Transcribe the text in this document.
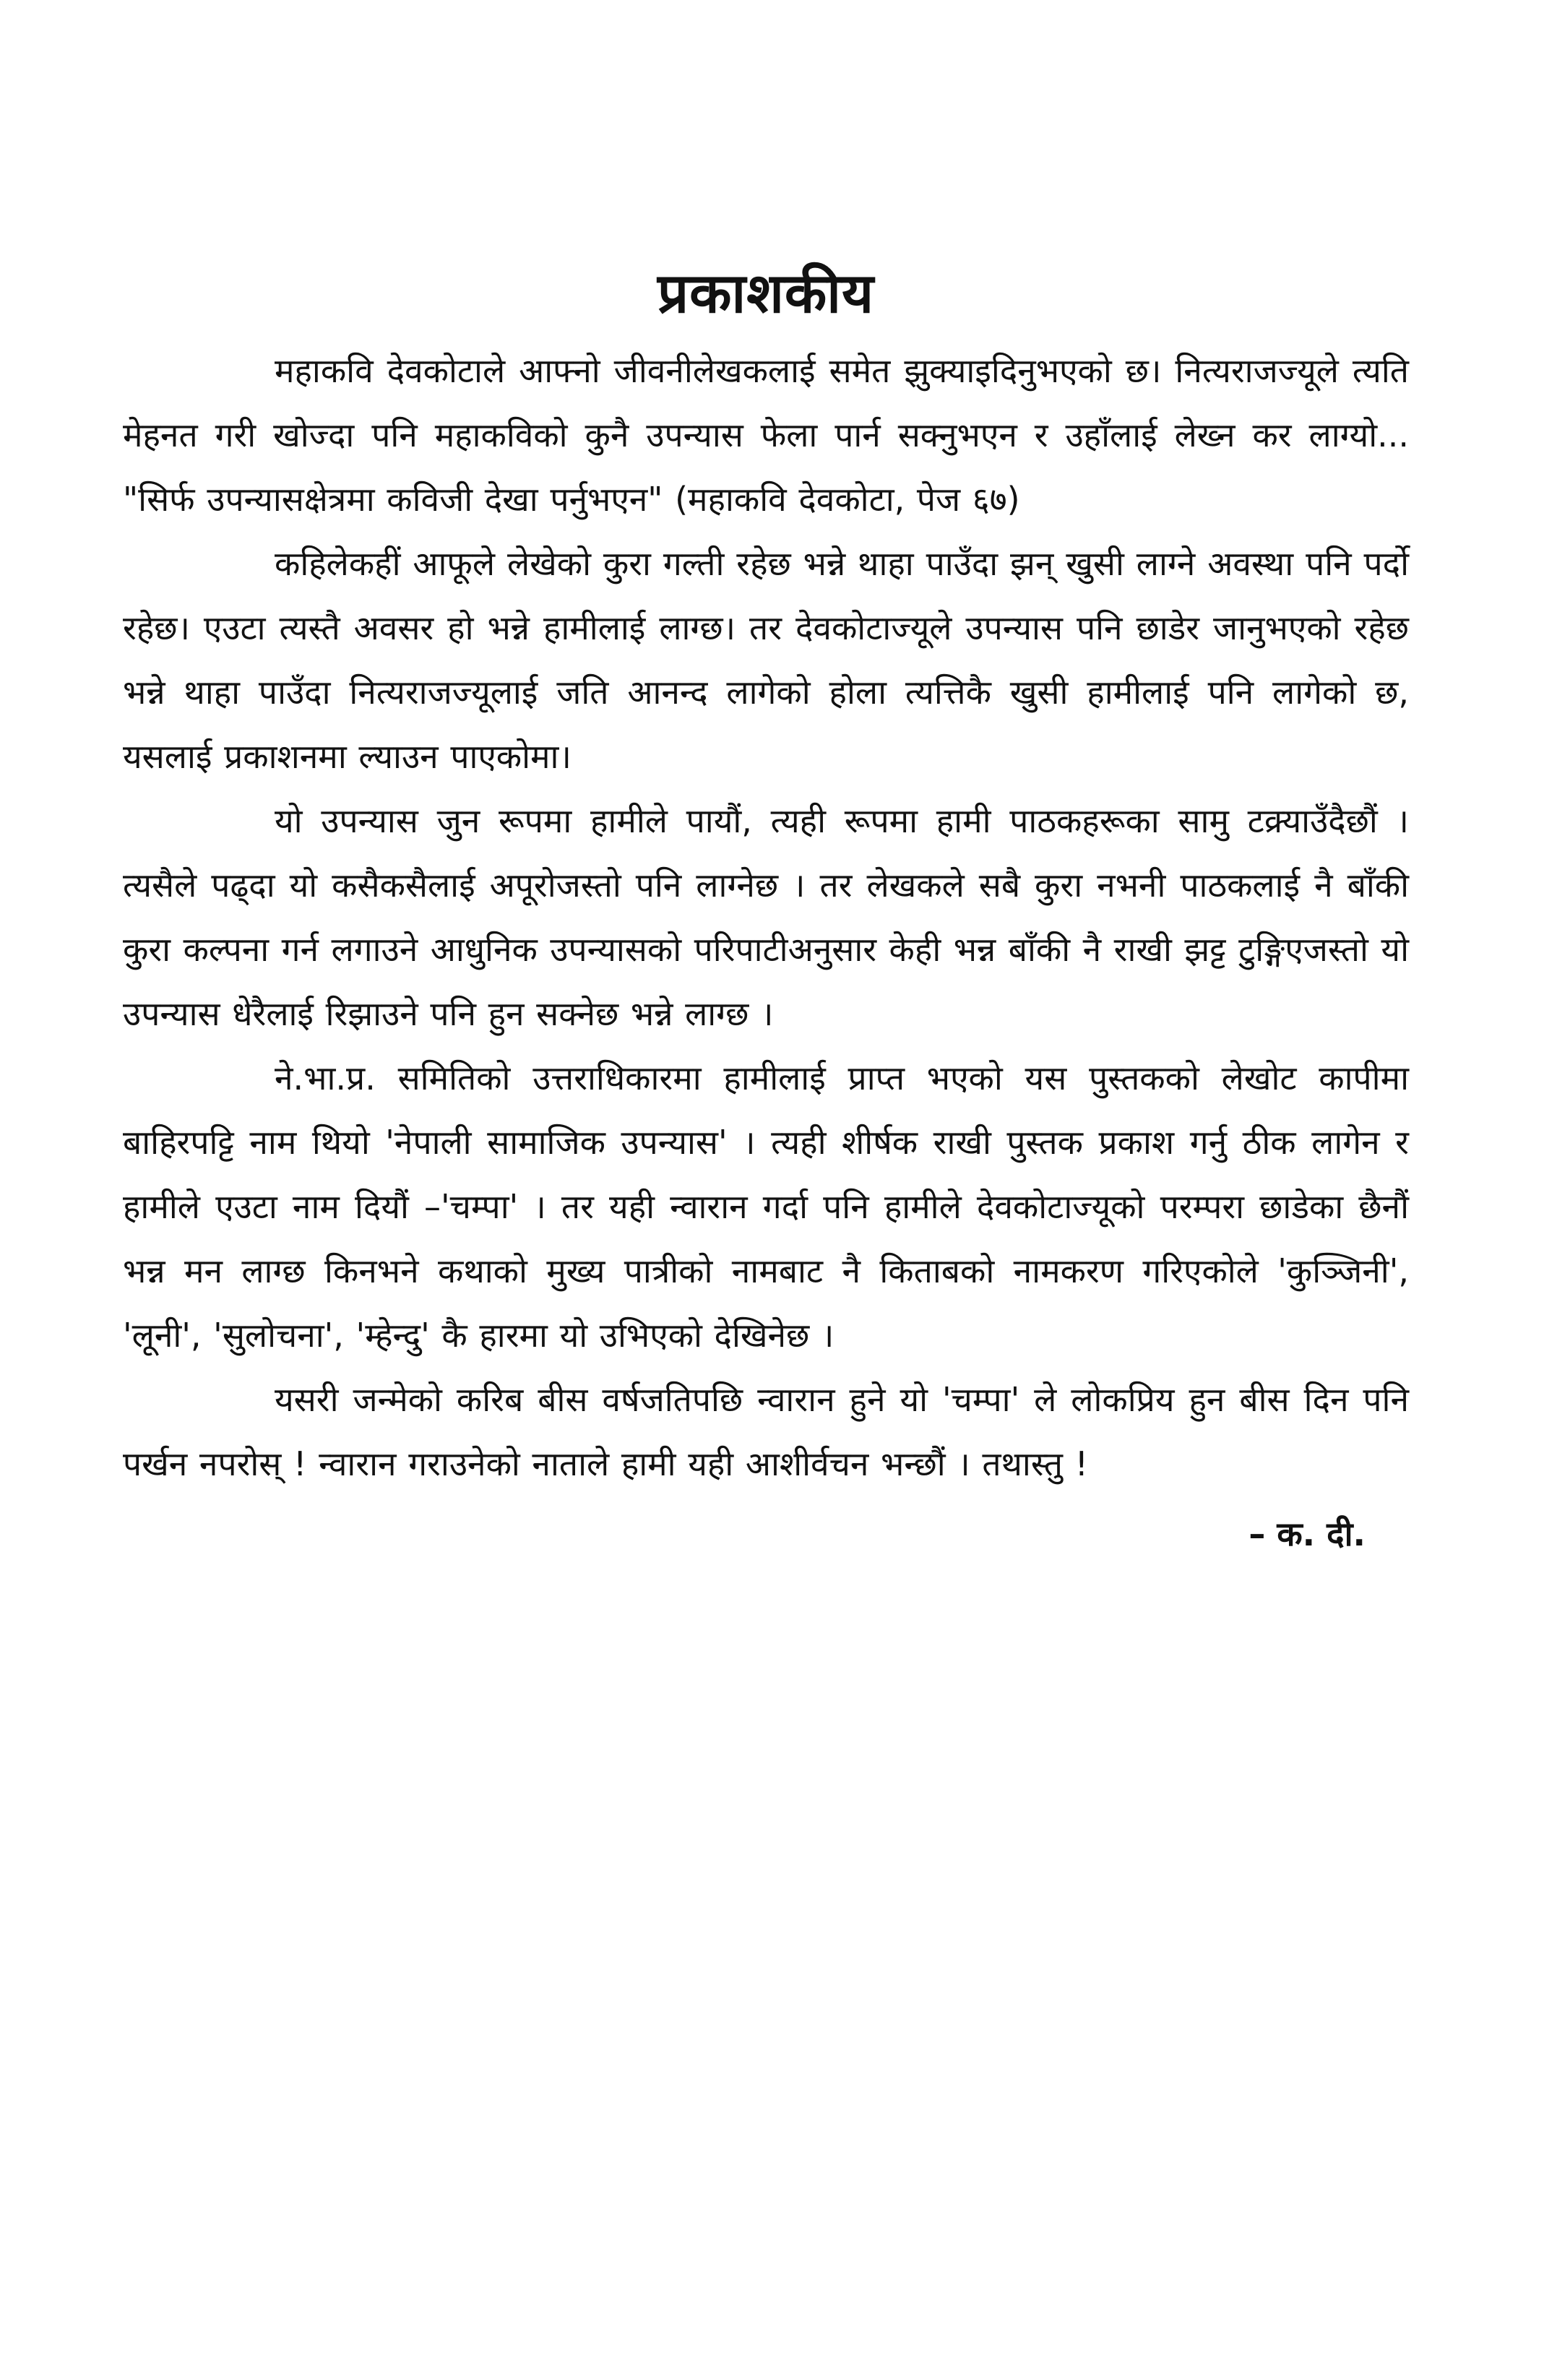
प्रकाशकीय

महाकवि देवकोटाले आफ्नो जीवनीलेखकलाई समेत झुक्याइदिनुभएको छ। नित्यराजज्यूले त्यति मेहनत गरी खोज्दा पनि महाकविको कुनै उपन्यास फेला पार्न सक्नुभएन र उहाँलाई लेख्न कर लाग्यो... "सिर्फ उपन्यासक्षेत्रमा कविजी देखा पर्नुभएन" (महाकवि देवकोटा, पेज ६७)

कहिलेकहीं आफूले लेखेको कुरा गल्ती रहेछ भन्ने थाहा पाउँदा झन् खुसी लाग्ने अवस्था पनि पर्दो रहेछ। एउटा त्यस्तै अवसर हो भन्ने हामीलाई लाग्छ। तर देवकोटाज्यूले उपन्यास पनि छाडेर जानुभएको रहेछ भन्ने थाहा पाउँदा नित्यराजज्यूलाई जति आनन्द लागेको होला त्यत्तिकै खुसी हामीलाई पनि लागेको छ, यसलाई प्रकाशनमा ल्याउन पाएकोमा।

यो उपन्यास जुन रूपमा हामीले पायौं, त्यही रूपमा हामी पाठकहरूका सामु टक्र्याउँदैछौं । त्यसैले पढ्दा यो कसैकसैलाई अपूरोजस्तो पनि लाग्नेछ । तर लेखकले सबै कुरा नभनी पाठकलाई नै बाँकी कुरा कल्पना गर्न लगाउने आधुनिक उपन्यासको परिपाटीअनुसार केही भन्न बाँकी नै राखी झट्ट टुङ्गिएजस्तो यो उपन्यास धेरैलाई रिझाउने पनि हुन सक्नेछ भन्ने लाग्छ ।

ने.भा.प्र. समितिको उत्तराधिकारमा हामीलाई प्राप्त भएको यस पुस्तकको लेखोट कापीमा बाहिरपट्टि नाम थियो 'नेपाली सामाजिक उपन्यास' । त्यही शीर्षक राखी पुस्तक प्रकाश गर्नु ठीक लागेन र हामीले एउटा नाम दियौं –'चम्पा' । तर यही न्वारान गर्दा पनि हामीले देवकोटाज्यूको परम्परा छाडेका छैनौं भन्न मन लाग्छ किनभने कथाको मुख्य पात्रीको नामबाट नै किताबको नामकरण गरिएकोले 'कुञ्जिनी', 'लूनी', 'सुलोचना', 'म्हेन्दु' कै हारमा यो उभिएको देखिनेछ ।

यसरी जन्मेको करिब बीस वर्षजतिपछि न्वारान हुने यो 'चम्पा' ले लोकप्रिय हुन बीस दिन पनि पर्खन नपरोस् ! न्वारान गराउनेको नाताले हामी यही आशीर्वचन भन्छौं । तथास्तु !

– क. दी.
